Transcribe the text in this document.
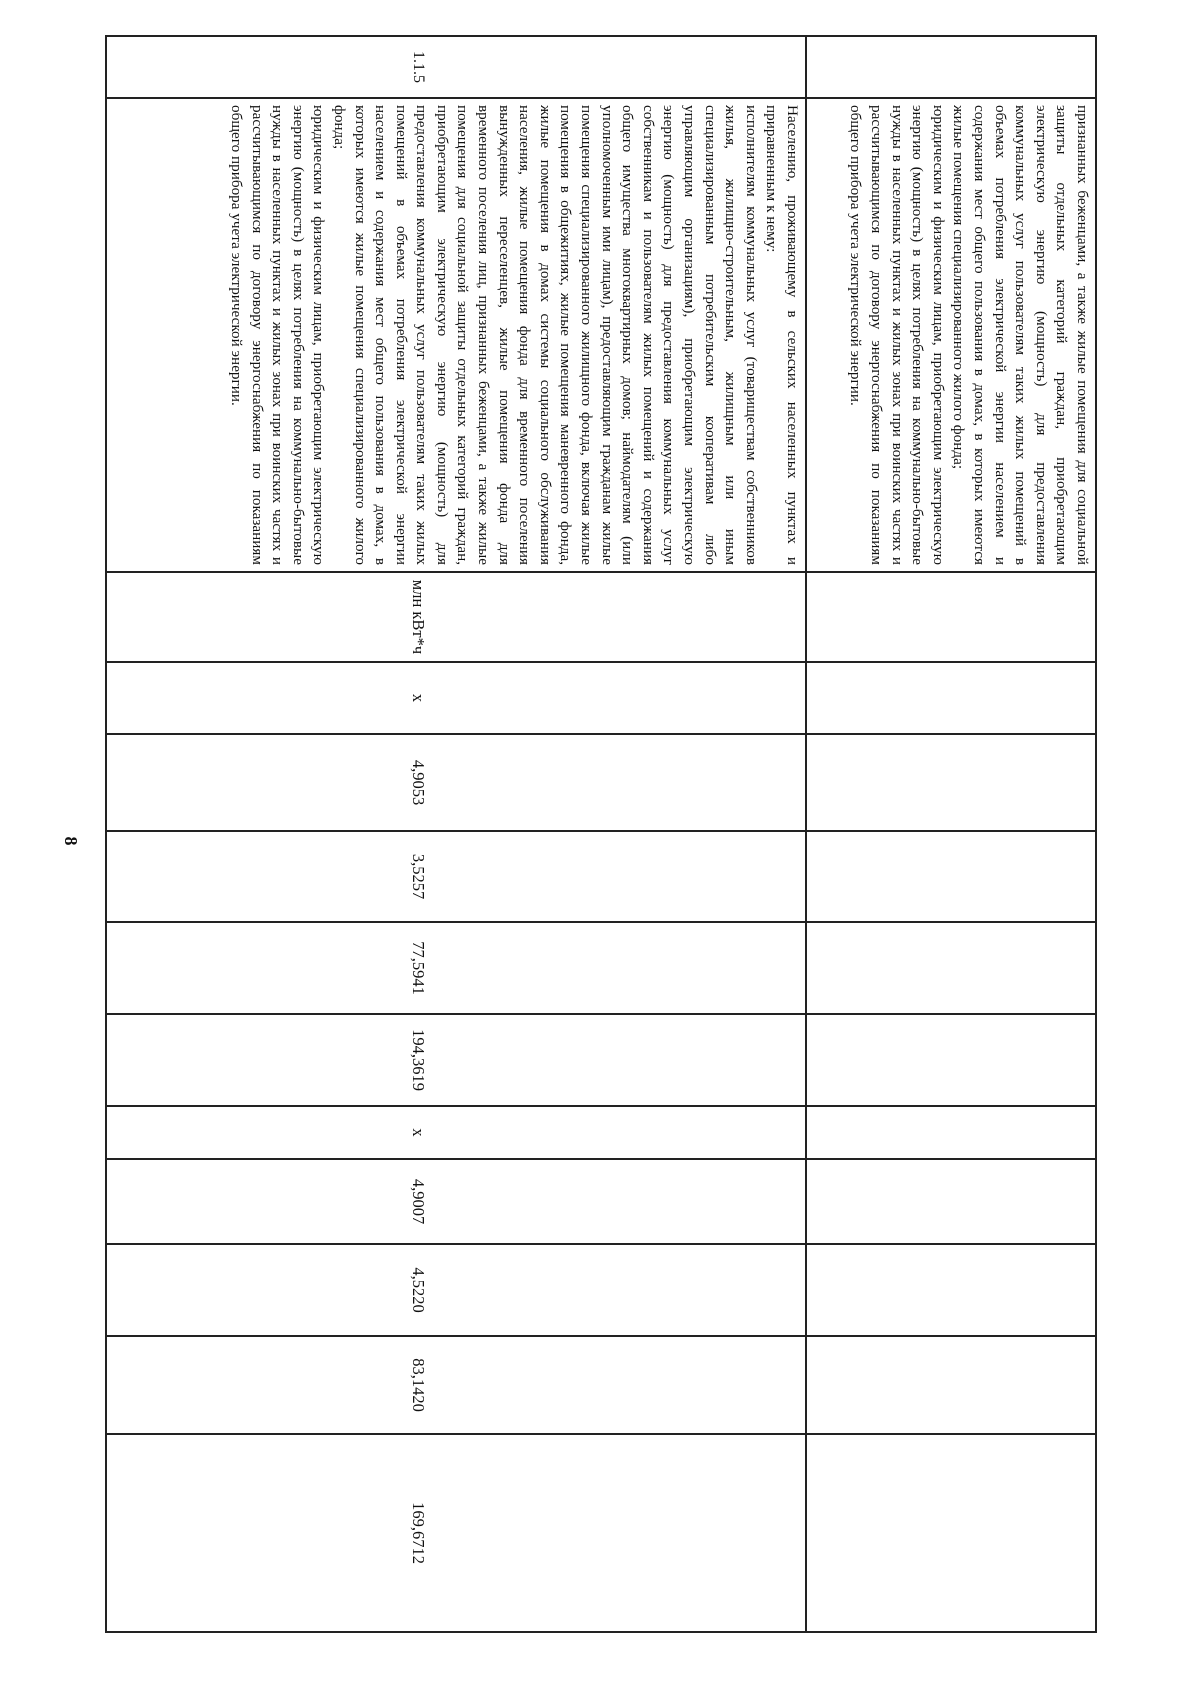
8
	признанных беженцами, а также жилые помещения для социальной защиты отдельных категорий граждан, приобретающим электрическую энергию (мощность) для предоставления коммунальных услуг пользователям таких жилых помещений в объемах потребления электрической энергии населением и содержания мест общего пользования в домах, в которых имеются жилые помещения специализированного жилого фонда;
юридическим и физическим лицам, приобретающим электрическую энергию (мощность) в целях потребления на коммунально-бытовые нужды в населенных пунктах и жилых зонах при воинских частях и рассчитывающимся по договору энергоснабжения по показаниям общего прибора учета электрической энергии.											

1.1.5	Населению, проживающему в сельских населенных пунктах и приравненным к нему:
исполнителям коммунальных услуг (товариществам собственников жилья, жилищно-строительным, жилищным или иным специализированным потребительским кооперативам либо управляющим организациям), приобретающим электрическую энергию (мощность) для предоставления коммунальных услуг собственникам и пользователям жилых помещений и содержания общего имущества многоквартирных домов; наймодателям (или уполномоченным ими лицам), предоставляющим гражданам жилые помещения специализированного жилищного фонда, включая жилые помещения в общежитиях, жилые помещения маневренного фонда, жилые помещения в домах системы социального обслуживания населения, жилые помещения фонда для временного поселения вынужденных переселенцев, жилые помещения фонда для временного поселения лиц, признанных беженцами, а также жилые помещения для социальной защиты отдельных категорий граждан, приобретающим электрическую энергию (мощность) для предоставления коммунальных услуг пользователям таких жилых помещений в объемах потребления электрической энергии населением и содержания мест общего пользования в домах, в которых имеются жилые помещения специализированного жилого фонда;
юридическим и физическим лицам, приобретающим электрическую энергию (мощность) в целях потребления на коммунально-бытовые нужды в населенных пунктах и жилых зонах при воинских частях и рассчитывающимся по договору энергоснабжения по показаниям общего прибора учета электрической энергии.	млн кВт*ч	x	4,9053	3,5257	77,5941	194,3619	x	4,9007	4,5220	83,1420	169,6712
